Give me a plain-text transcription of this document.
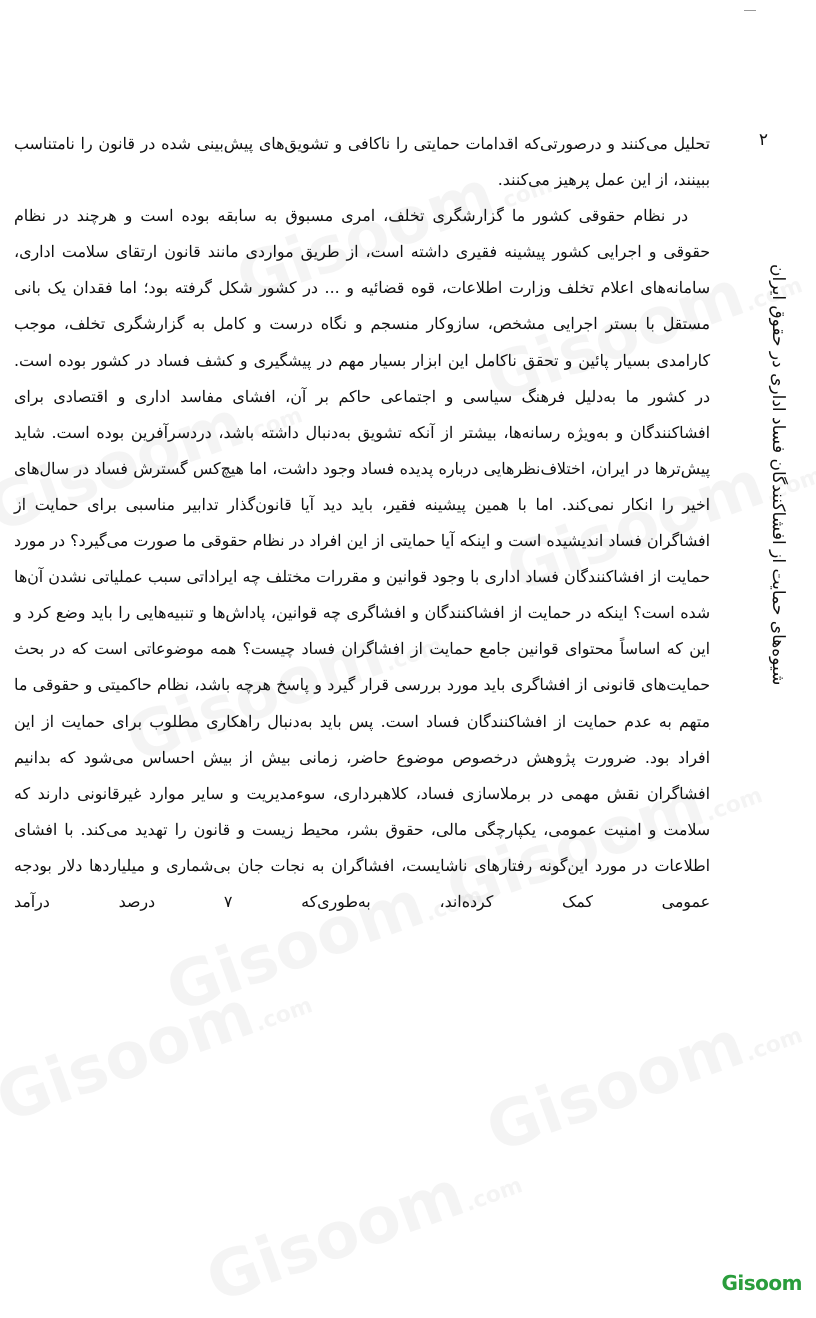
۲
شیوه‌های حمایت از افشاکنندگان فساد اداری در حقوق ایران

تحلیل می‌کنند و درصورتی‌که اقدامات حمایتی را ناکافی و تشویق‌های پیش‌بینی شده در قانون را نامتناسب ببینند، از این عمل پرهیز می‌کنند.

در نظام حقوقی کشور ما گزارشگری تخلف، امری مسبوق به سابقه بوده است و هرچند در نظام حقوقی و اجرایی کشور پیشینه فقیری داشته است، از طریق مواردی مانند قانون ارتقای سلامت اداری، سامانه‌های اعلام تخلف وزارت اطلاعات، قوه قضائیه و ... در کشور شکل گرفته بود؛ اما فقدان یک بانی مستقل با بستر اجرایی مشخص، سازوکار منسجم و نگاه درست و کامل به گزارشگری تخلف، موجب کارامدی بسیار پائین و تحقق ناکامل این ابزار بسیار مهم در پیشگیری و کشف فساد در کشور بوده است. در کشور ما به‌دلیل فرهنگ سیاسی و اجتماعی حاکم بر آن، افشای مفاسد اداری و اقتصادی برای افشاکنندگان و به‌ویژه رسانه‌ها، بیشتر از آنکه تشویق به‌دنبال داشته باشد، دردسرآفرین بوده است. شاید پیش‌ترها در ایران، اختلاف‌نظرهایی درباره پدیده فساد وجود داشت، اما هیچ‌کس گسترش فساد در سال‌های اخیر را انکار نمی‌کند. اما با همین پیشینه فقیر، باید دید آیا قانون‌گذار تدابیر مناسبی برای حمایت از افشاگران فساد اندیشیده است و اینکه آیا حمایتی از این افراد در نظام حقوقی ما صورت می‌گیرد؟ در مورد حمایت از افشاکنندگان فساد اداری با وجود قوانین و مقررات مختلف چه ایراداتی سبب عملیاتی نشدن آن‌ها شده است؟ اینکه در حمایت از افشاکنندگان و افشاگری چه قوانین، پاداش‌ها و تنبیه‌هایی را باید وضع کرد و این که اساساً محتوای قوانین جامع حمایت از افشاگران فساد چیست؟ همه موضوعاتی است که در بحث حمایت‌های قانونی از افشاگری باید مورد بررسی قرار گیرد و پاسخ هرچه باشد، نظام حاکمیتی و حقوقی ما متهم به عدم حمایت از افشاکنندگان فساد است. پس باید به‌دنبال راهکاری مطلوب برای حمایت از این افراد بود. ضرورت پژوهش درخصوص موضوع حاضر، زمانی بیش از بیش احساس می‌شود که بدانیم افشاگران نقش مهمی در برملاسازی فساد، کلاهبرداری، سوءمدیریت و سایر موارد غیرقانونی دارند که سلامت و امنیت عمومی، یکپارچگی مالی، حقوق بشر، محیط زیست و قانون را تهدید می‌کند. با افشای اطلاعات در مورد این‌گونه رفتارهای ناشایست، افشاگران به نجات جان بی‌شماری و میلیاردها دلار بودجه عمومی کمک کرده‌اند، به‌طوری‌که ۷ درصد درآمد

Gisoom
